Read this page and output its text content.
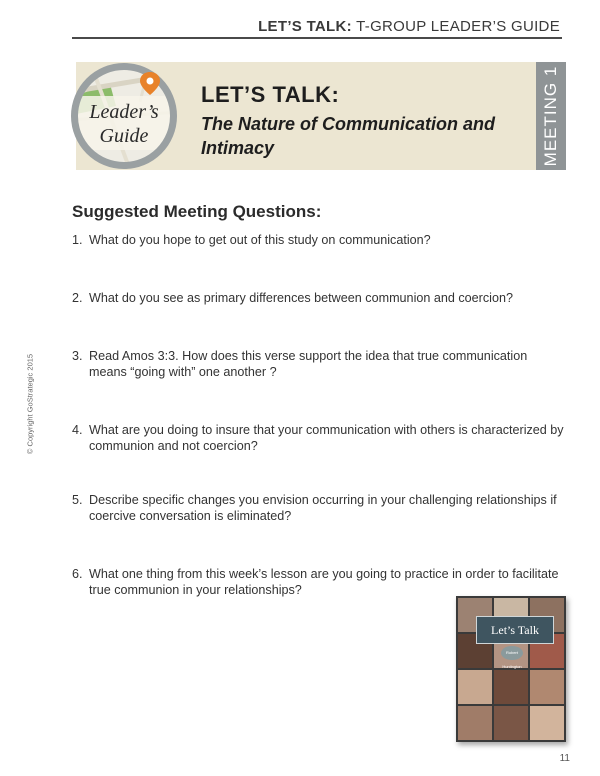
LET’S TALK: T-GROUP LEADER’S GUIDE
LET’S TALK:
The Nature of Communication and Intimacy	MEETING 1
Leader’s
Guide
Suggested Meeting Questions:
1. What do you hope to get out of this study on communication?
2. What do you see as primary differences between communion and coercion?
3. Read Amos 3:3. How does this verse support the idea that true communication means “going with” one another ?
4. What are you doing to insure that your communication with others is characterized by communion and not coercion?
5. Describe specific changes you envision occurring in your challenging relationships if coercive conversation is eliminated?
6. What one thing from this week’s lesson are you going to practice in order to facilitate true communion in your relationships?
© Copyright GoStrategic 2015
Let’s Talk
Robert Huntington
11
